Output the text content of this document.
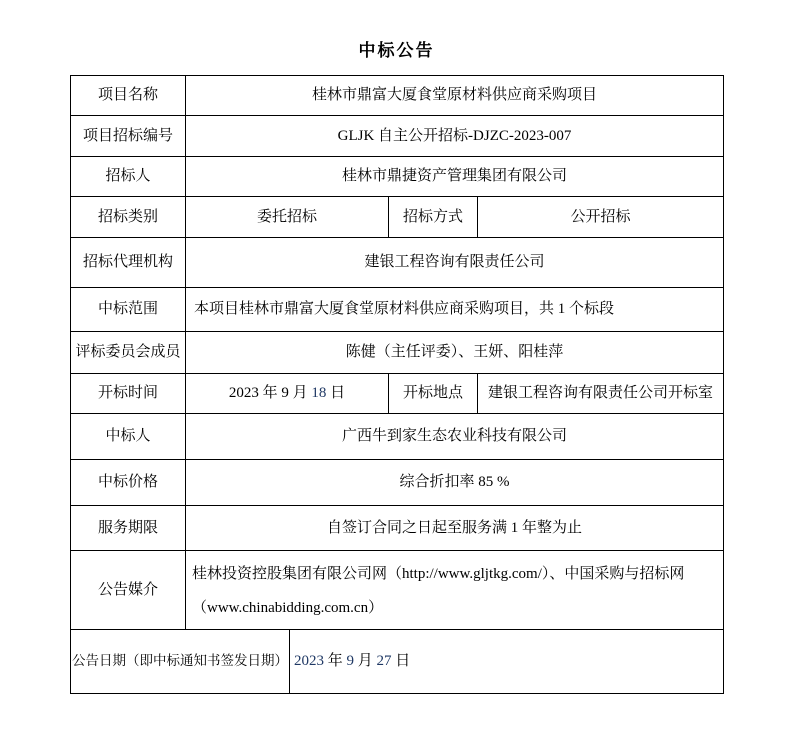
中标公告
项目名称	桂林市鼎富大厦食堂原材料供应商采购项目		
项目招标编号	GLJK 自主公开招标-DJZC-2023-007		
招标人	桂林市鼎捷资产管理集团有限公司		
招标类别	委托招标	招标方式	公开招标
招标代理机构	建银工程咨询有限责任公司		
中标范围	本项目桂林市鼎富大厦食堂原材料供应商采购项目，共 1 个标段		
评标委员会成员	陈健（主任评委）、王妍、阳桂萍		
开标时间	2023 年 9 月 18 日	开标地点	建银工程咨询有限责任公司开标室
中标人	广西牛到家生态农业科技有限公司		
中标价格	综合折扣率 85 %		
服务期限	自签订合同之日起至服务满 1 年整为止		
公告媒介	桂林投资控股集团有限公司网（http://www.gljtkg.com/）、中国采购与招标网
（www.chinabidding.com.cn）		
公告日期（即中标通知书签发日期）	2023 年 9 月 27 日
